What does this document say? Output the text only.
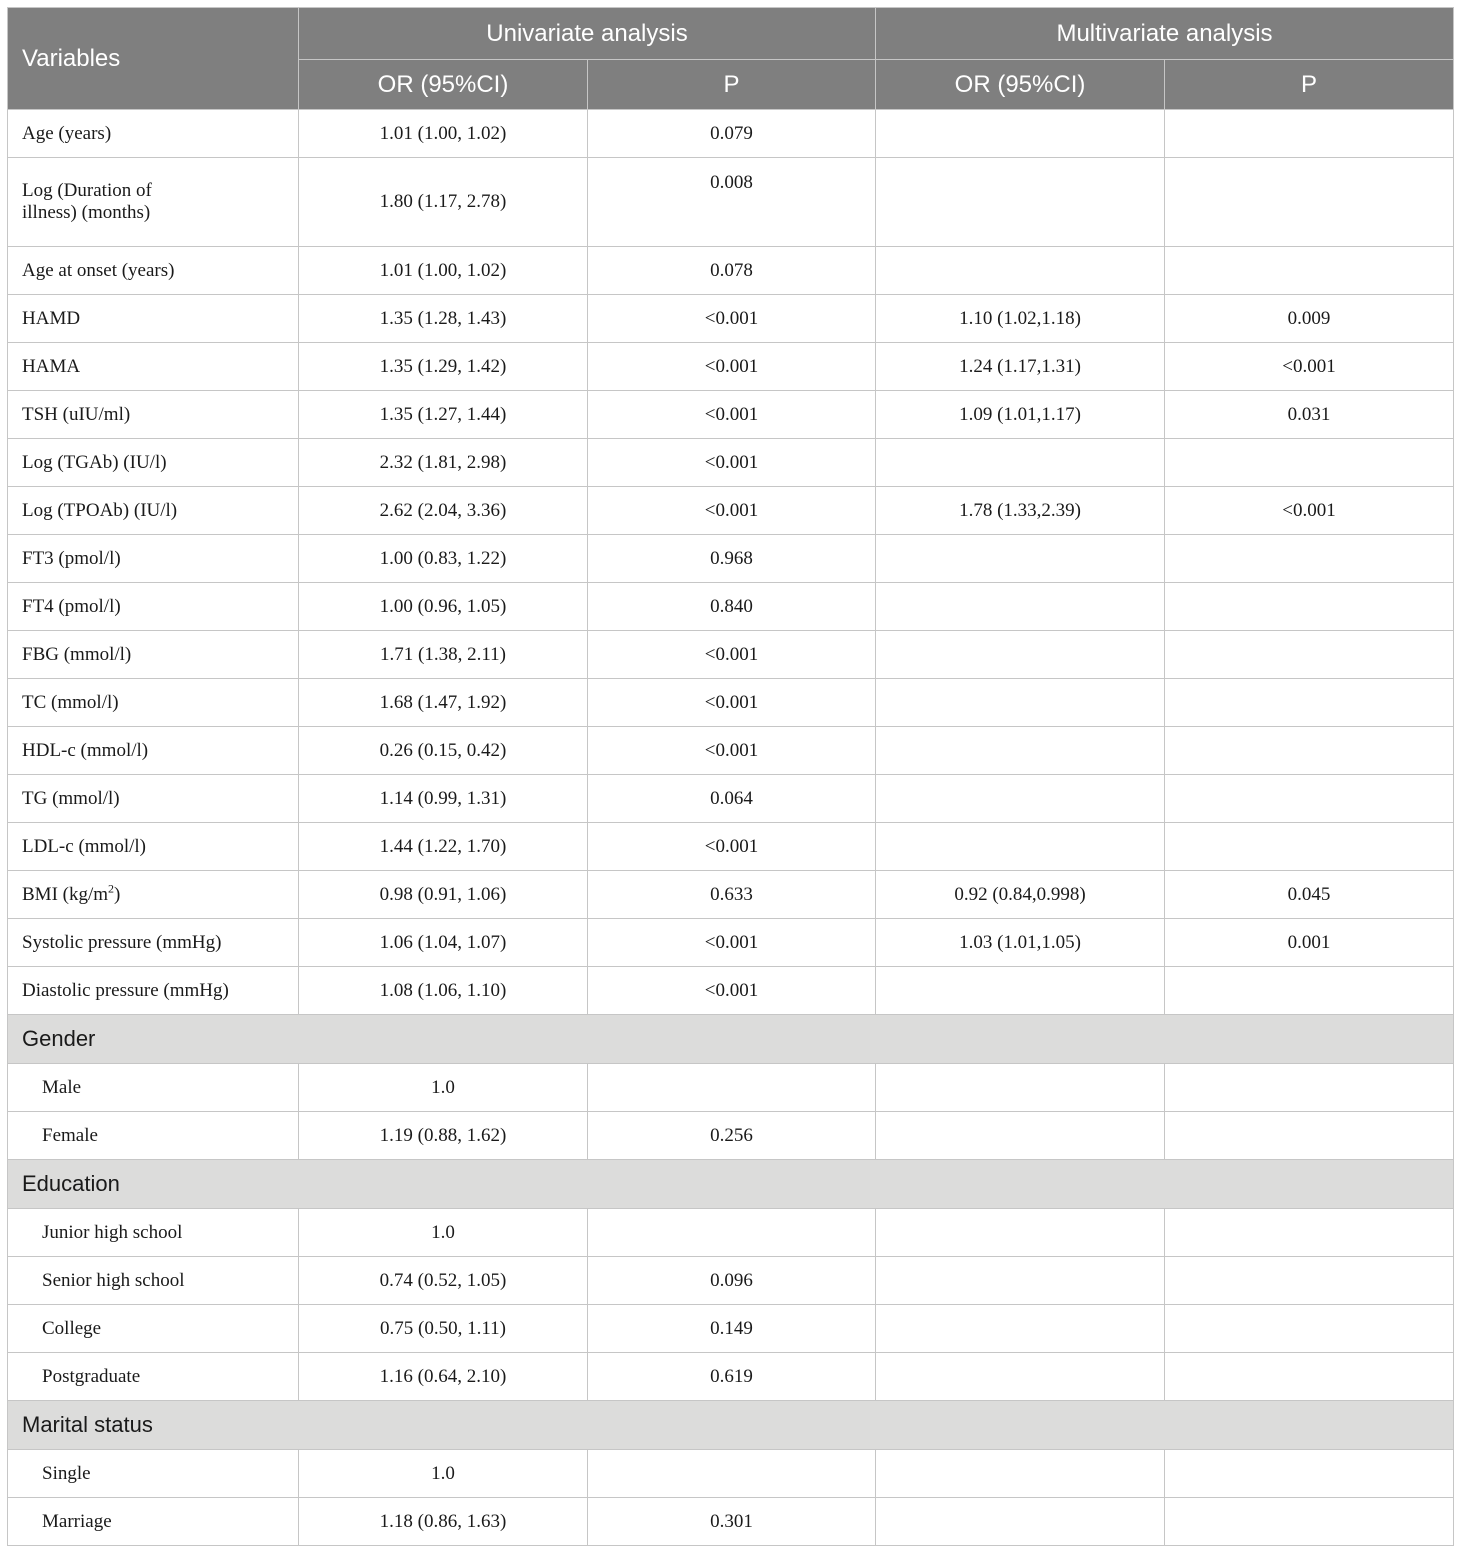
Variables	Univariate analysis		Multivariate analysis	
	OR (95%CI)	P	OR (95%CI)	P
Age (years)	1.01 (1.00, 1.02)	0.079		
Log (Duration of
illness) (months)	1.80 (1.17, 2.78)	0.008		
Age at onset (years)	1.01 (1.00, 1.02)	0.078		
HAMD	1.35 (1.28, 1.43)	<0.001	1.10 (1.02,1.18)	0.009
HAMA	1.35 (1.29, 1.42)	<0.001	1.24 (1.17,1.31)	<0.001
TSH (uIU/ml)	1.35 (1.27, 1.44)	<0.001	1.09 (1.01,1.17)	0.031
Log (TGAb) (IU/l)	2.32 (1.81, 2.98)	<0.001		
Log (TPOAb) (IU/l)	2.62 (2.04, 3.36)	<0.001	1.78 (1.33,2.39)	<0.001
FT3 (pmol/l)	1.00 (0.83, 1.22)	0.968		
FT4 (pmol/l)	1.00 (0.96, 1.05)	0.840		
FBG (mmol/l)	1.71 (1.38, 2.11)	<0.001		
TC (mmol/l)	1.68 (1.47, 1.92)	<0.001		
HDL-c (mmol/l)	0.26 (0.15, 0.42)	<0.001		
TG (mmol/l)	1.14 (0.99, 1.31)	0.064		
LDL-c (mmol/l)	1.44 (1.22, 1.70)	<0.001		
BMI $(kg/m^2)$	0.98 (0.91, 1.06)	0.633	0.92 (0.84,0.998)	0.045
Systolic pressure (mmHg)	1.06 (1.04, 1.07)	<0.001	1.03 (1.01,1.05)	0.001
Diastolic pressure (mmHg)	1.08 (1.06, 1.10)	<0.001		
Gender				
Male	1.0			
Female	1.19 (0.88, 1.62)	0.256		
Education				
Junior high school	1.0			
Senior high school	0.74 (0.52, 1.05)	0.096		
College	0.75 (0.50, 1.11)	0.149		
Postgraduate	1.16 (0.64, 2.10)	0.619		
Marital status				
Single	1.0			
Marriage	1.18 (0.86, 1.63)	0.301		
